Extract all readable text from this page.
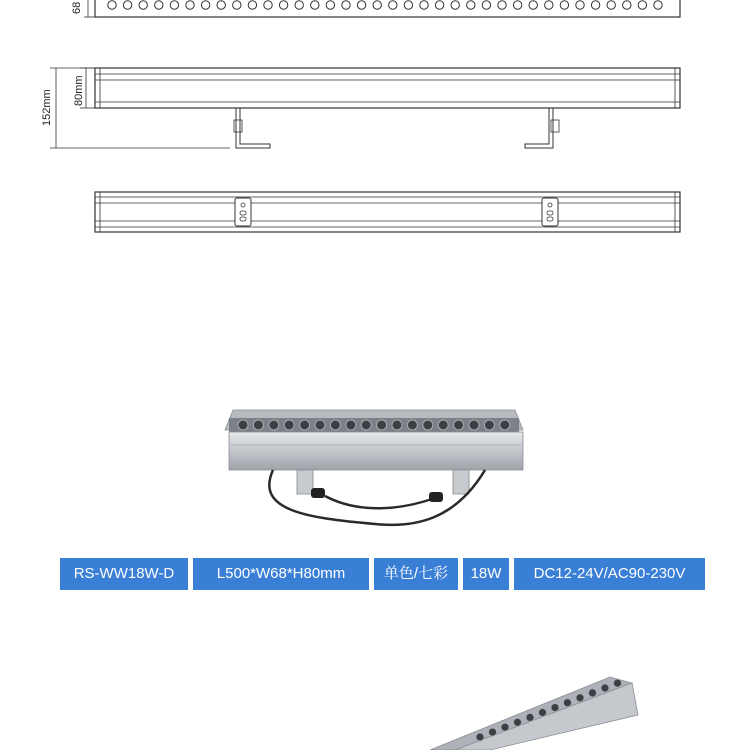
68
80mm
152mm
RS-WW18W-D	L500*W68*H80mm	单色/七彩	18W	DC12-24V/AC90-230V
